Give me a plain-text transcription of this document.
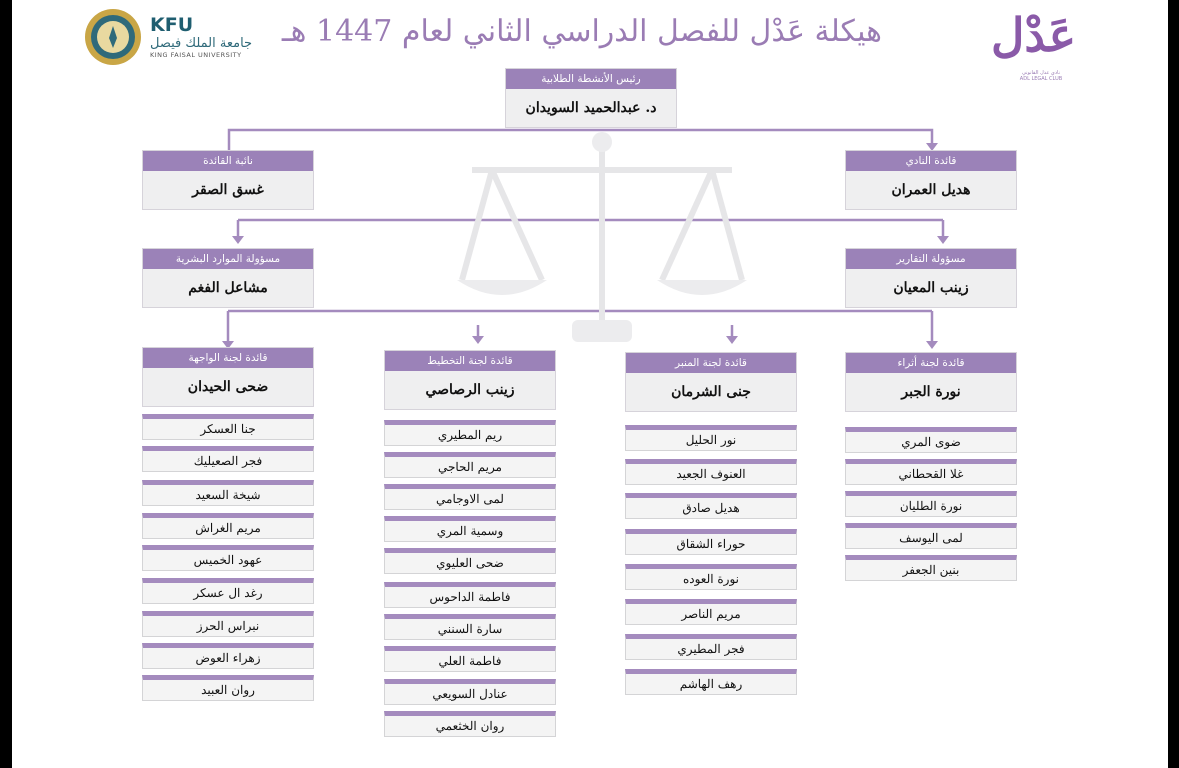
KFU
جامعة الملك فيصل
KING FAISAL UNIVERSITY	عَدْل
نادي عدل القانوني
ADL LEGAL CLUB
هيكلة عَدْل للفصل الدراسي الثاني لعام 1447 هـ
رئيس الأنشطة الطلابية
د. عبدالحميد السويدان
قائدة النادي
هديل العمران
نائبة القائدة
غسق الصقر
مسؤولة التقارير
زينب المعيان
مسؤولة الموارد البشرية
مشاعل الفغم
قائدة لجنة أثراء
نورة الجبر
قائدة لجنة المنبر
جنى الشرمان
قائدة لجنة التخطيط
زينب الرصاصي
قائدة لجنة الواجهة
ضحى الحيدان
ضوى المري
غلا القحطاني
نورة الطليان
لمى اليوسف
بنين الجعفر
نور الحليل
العنوف الجعيد
هديل صادق
حوراء الشقاق
نورة العوده
مريم الناصر
فجر المطيري
رهف الهاشم
ريم المطيري
مريم الحاجي
لمى الاوجامي
وسمية المري
ضحى العليوي
فاطمة الداحوس
سارة السنني
فاطمة العلي
عنادل السويعي
روان الخثعمي
جنا العسكر
فجر الصعيليك
شيخة السعيد
مريم الغراش
عهود الخميس
رغد ال عسكر
نبراس الحرز
زهراء العوض
روان العبيد
